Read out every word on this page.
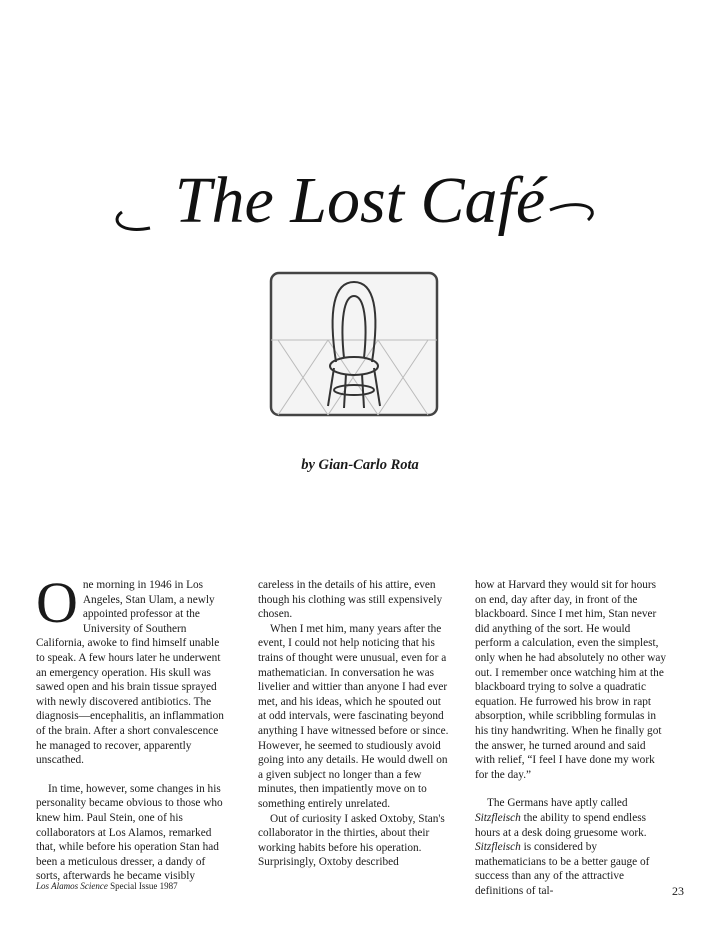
The Lost Café
by Gian-Carlo Rota

One morning in 1946 in Los Angeles, Stan Ulam, a newly appointed professor at the University of Southern California, awoke to find himself unable to speak. A few hours later he underwent an emergency operation. His skull was sawed open and his brain tissue sprayed with newly discovered antibiotics. The diagnosis—encephalitis, an inflammation of the brain. After a short convalescence he managed to recover, apparently unscathed.

In time, however, some changes in his personality became obvious to those who knew him. Paul Stein, one of his collaborators at Los Alamos, remarked that, while before his operation Stan had been a meticulous dresser, a dandy of sorts, afterwards he became visibly

careless in the details of his attire, even though his clothing was still expensively chosen.

When I met him, many years after the event, I could not help noticing that his trains of thought were unusual, even for a mathematician. In conversation he was livelier and wittier than anyone I had ever met, and his ideas, which he spouted out at odd intervals, were fascinating beyond anything I have witnessed before or since. However, he seemed to studiously avoid going into any details. He would dwell on a given subject no longer than a few minutes, then impatiently move on to something entirely unrelated.

Out of curiosity I asked Oxtoby, Stan's collaborator in the thirties, about their working habits before his operation. Surprisingly, Oxtoby described

how at Harvard they would sit for hours on end, day after day, in front of the blackboard. Since I met him, Stan never did anything of the sort. He would perform a calculation, even the simplest, only when he had absolutely no other way out. I remember once watching him at the blackboard trying to solve a quadratic equation. He furrowed his brow in rapt absorption, while scribbling formulas in his tiny handwriting. When he finally got the answer, he turned around and said with relief, “I feel I have done my work for the day.”

The Germans have aptly called Sitzfleisch the ability to spend endless hours at a desk doing gruesome work. Sitzfleisch is considered by mathematicians to be a better gauge of success than any of the attractive definitions of tal-

Los Alamos Science Special Issue 1987	23
